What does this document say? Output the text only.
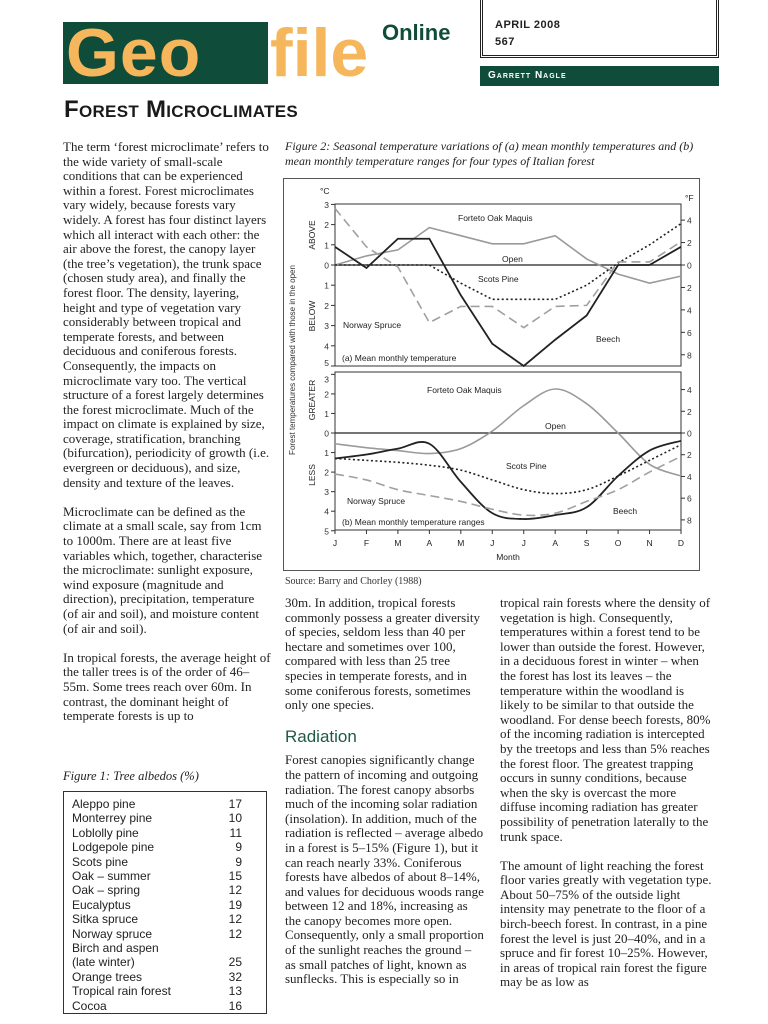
Geo file Online	APRIL 2008
567
Garrett Nagle
Forest Microclimates

The term ‘forest microclimate’ refers to the wide variety of small-scale conditions that can be experienced within a forest. Forest microclimates vary widely, because forests vary widely. A forest has four distinct layers which all interact with each other: the air above the forest, the canopy layer (the tree’s vegetation), the trunk space (chosen study area), and finally the forest floor. The density, layering, height and type of vegetation vary considerably between tropical and temperate forests, and between deciduous and coniferous forests. Consequently, the impacts on microclimate vary too. The vertical structure of a forest largely determines the forest microclimate. Much of the impact on climate is explained by size, coverage, stratification, branching (bifurcation), periodicity of growth (i.e. evergreen or deciduous), and size, density and texture of the leaves.

Microclimate can be defined as the climate at a small scale, say from 1cm to 1000m. There are at least five variables which, together, characterise the microclimate: sunlight exposure, wind exposure (magnitude and direction), precipitation, temperature (of air and soil), and moisture content (of air and soil).

In tropical forests, the average height of the taller trees is of the order of 46–55m. Some trees reach over 60m. In contrast, the dominant height of temperate forests is up to

Figure 1: Tree albedos (%)
Aleppo pine	17
Monterrey pine	10
Loblolly pine	11
Lodgepole pine	9
Scots pine	9
Oak – summer	15
Oak – spring	12
Eucalyptus	19
Sitka spruce	12
Norway spruce	12
Birch and aspen
(late winter)	25
Orange trees	32
Tropical rain forest	13
Cocoa	16
Figure 2: Seasonal temperature variations of (a) mean monthly temperatures and (b) mean monthly temperature ranges for four types of Italian forest
3
2
1
0
1
2
3
4
5
4
2
0
2
4
6
8
Forteto Oak Maquis
Beech
Scots Pine
Norway Spruce
Open
(a) Mean monthly temperature
ABOVE
BELOW
3
2
1
0
1
2
3
4
5
4
2
0
2
4
6
8
Forteto Oak Maquis
Beech
Scots Pine
Norway Spruce
Open
(b) Mean monthly temperature ranges
GREATER
LESS
J	F	M	A	M	J	J	A	S	O	N	D
Month
°C
°F
Forest temperatures compared with those in the open
Source: Barry and Chorley (1988)

30m. In addition, tropical forests commonly possess a greater diversity of species, seldom less than 40 per hectare and sometimes over 100, compared with less than 25 tree species in temperate forests, and in some coniferous forests, sometimes only one species.

Radiation

Forest canopies significantly change the pattern of incoming and outgoing radiation. The forest canopy absorbs much of the incoming solar radiation (insolation). In addition, much of the radiation is reflected – average albedo in a forest is 5–15% (Figure 1), but it can reach nearly 33%. Coniferous forests have albedos of about 8–14%, and values for deciduous woods range between 12 and 18%, increasing as the canopy becomes more open. Consequently, only a small proportion of the sunlight reaches the ground – as small patches of light, known as sunflecks. This is especially so in

tropical rain forests where the density of vegetation is high. Consequently, temperatures within a forest tend to be lower than outside the forest. However, in a deciduous forest in winter – when the forest has lost its leaves – the temperature within the woodland is likely to be similar to that outside the woodland. For dense beech forests, 80% of the incoming radiation is intercepted by the treetops and less than 5% reaches the forest floor. The greatest trapping occurs in sunny conditions, because when the sky is overcast the more diffuse incoming radiation has greater possibility of penetration laterally to the trunk space.

The amount of light reaching the forest floor varies greatly with vegetation type. About 50–75% of the outside light intensity may penetrate to the floor of a birch-beech forest. In contrast, in a pine forest the level is just 20–40%, and in a spruce and fir forest 10–25%. However, in areas of tropical rain forest the figure may be as low as
